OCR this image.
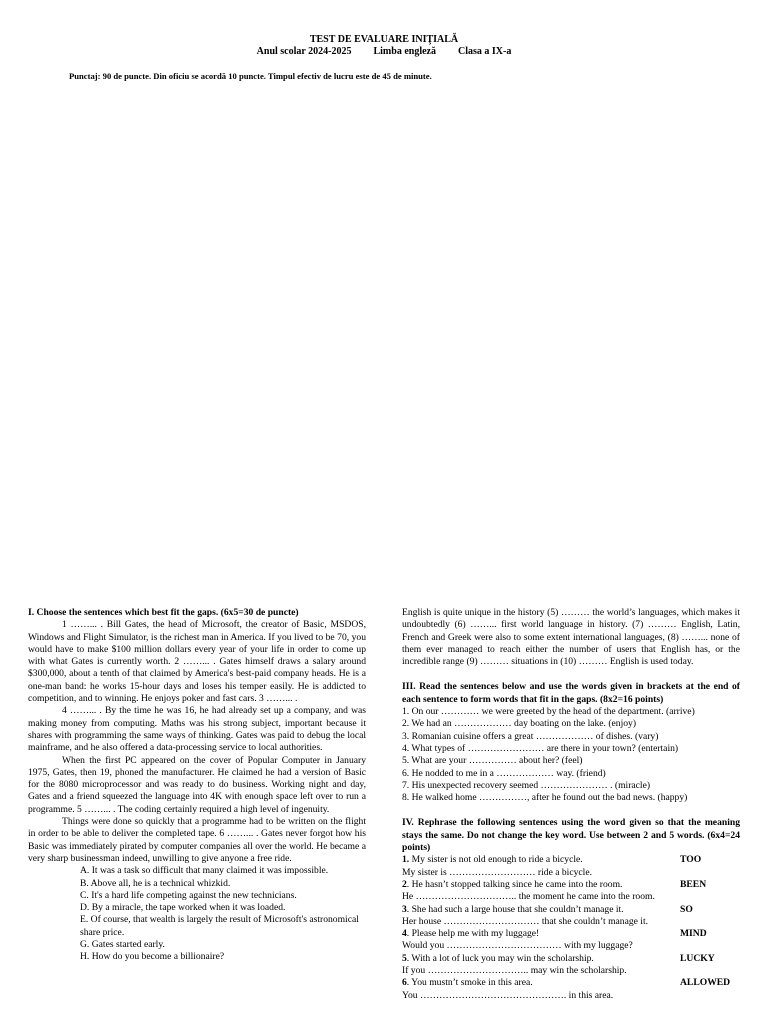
TEST DE EVALUARE INIŢIALĂ
Anul scolar 2024-2025 Limba engleză Clasa a IX-a
Punctaj: 90 de puncte. Din oficiu se acordă 10 puncte. Timpul efectiv de lucru este de 45 de minute.

I. Choose the sentences which best fit the gaps. (6x5=30 de puncte)

1 ……... . Bill Gates, the head of Microsoft, the creator of Basic, MSDOS, Windows and Flight Simulator, is the richest man in America. If you lived to be 70, you would have to make $100 million dollars every year of your life in order to come up with what Gates is currently worth. 2 ……... . Gates himself draws a salary around $300,000, about a tenth of that claimed by America's best-paid company heads. He is a one-man band: he works 15-hour days and loses his temper easily. He is addicted to competition, and to winning. He enjoys poker and fast cars. 3 ……... .

4 ……... . By the time he was 16, he had already set up a company, and was making money from computing. Maths was his strong subject, important because it shares with programming the same ways of thinking. Gates was paid to debug the local mainframe, and he also offered a data-processing service to local authorities.

When the first PC appeared on the cover of Popular Computer in January 1975, Gates, then 19, phoned the manufacturer. He claimed he had a version of Basic for the 8080 microprocessor and was ready to do business. Working night and day, Gates and a friend squeezed the language into 4K with enough space left over to run a programme. 5 ……... . The coding certainly required a high level of ingenuity.

Things were done so quickly that a programme had to be written on the flight in order to be able to deliver the completed tape. 6 ……... . Gates never forgot how his Basic was immediately pirated by computer companies all over the world. He became a very sharp businessman indeed, unwilling to give anyone a free ride.

A. It was a task so difficult that many claimed it was impossible.
B. Above all, he is a technical whizkid.
C. It's a hard life competing against the new technicians.
D. By a miracle, the tape worked when it was loaded.
E. Of course, that wealth is largely the result of Microsoft's astronomical share price.
G. Gates started early.
H. How do you become a billionaire?

English is quite unique in the history (5) ……… the world’s languages, which makes it undoubtedly (6) ……... first world language in history. (7) ……… English, Latin, French and Greek were also to some extent international languages, (8) ……... none of them ever managed to reach either the number of users that English has, or the incredible range (9) ……… situations in (10) ……… English is used today.

III. Read the sentences below and use the words given in brackets at the end of each sentence to form words that fit in the gaps. (8x2=16 points)

1. On our ………… we were greeted by the head of the department. (arrive)
2. We had an ……………… day boating on the lake. (enjoy)
3. Romanian cuisine offers a great ……………… of dishes. (vary)
4. What types of …………………… are there in your town? (entertain)
5. What are your …………… about her? (feel)
6. He nodded to me in a ……………… way. (friend)
7. His unexpected recovery seemed ………………… . (miracle)
8. He walked home ……………, after he found out the bad news. (happy)

IV. Rephrase the following sentences using the word given so that the meaning stays the same. Do not change the key word. Use between 2 and 5 words. (6x4=24 points)

1. My sister is not old enough to ride a bicycle.	TOO
My sister is ……………………… ride a bicycle.
2. He hasn’t stopped talking since he came into the room.	BEEN
He ………………………….. the moment he came into the room.
3. She had such a large house that she couldn’t manage it.	SO
Her house ………………………… that she couldn’t manage it.
4. Please help me with my luggage!	MIND
Would you ……………………………… with my luggage?
5. With a lot of luck you may win the scholarship.	LUCKY
If you ………………………….. may win the scholarship.
6. You mustn’t smoke in this area.	ALLOWED
You ………………………………………. in this area.
